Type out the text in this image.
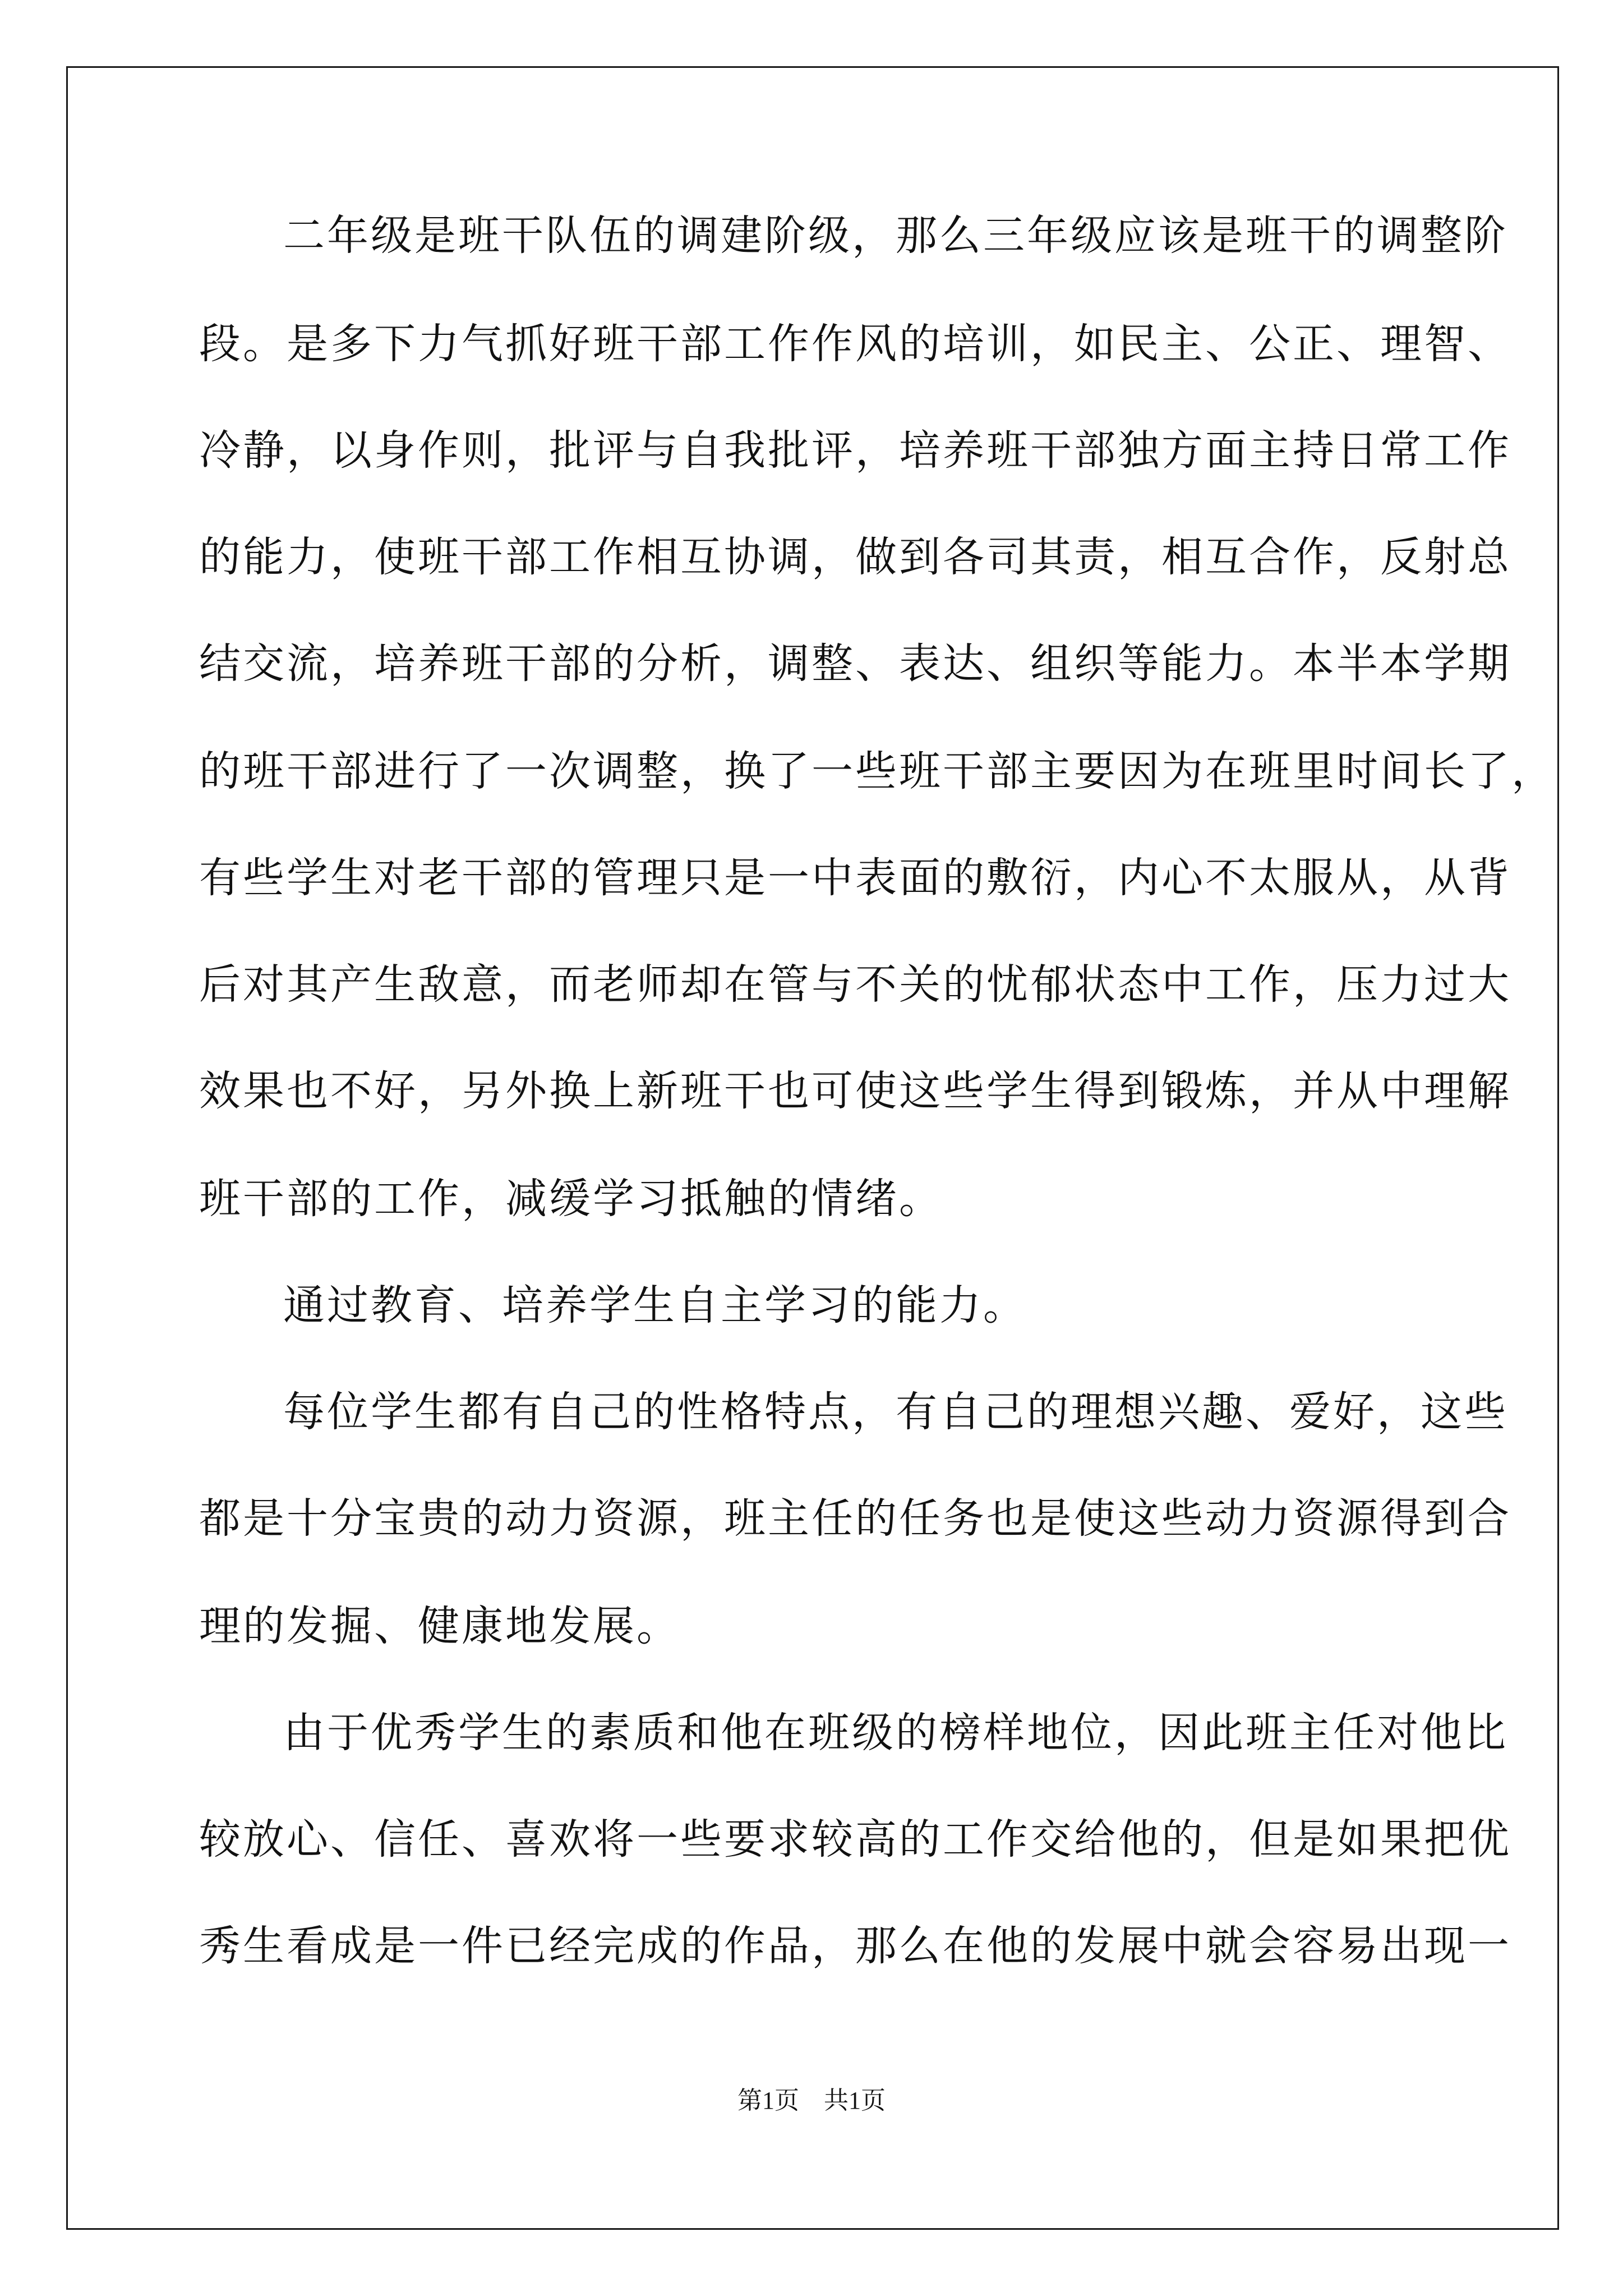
二年级是班干队伍的调建阶级，那么三年级应该是班干的调整阶
段。是多下力气抓好班干部工作作风的培训，如民主、公正、理智、
冷静，以身作则，批评与自我批评，培养班干部独方面主持日常工作
的能力，使班干部工作相互协调，做到各司其责，相互合作，反射总
结交流，培养班干部的分析，调整、表达、组织等能力。本半本学期
的班干部进行了一次调整，换了一些班干部主要因为在班里时间长了，
有些学生对老干部的管理只是一中表面的敷衍，内心不太服从，从背
后对其产生敌意，而老师却在管与不关的忧郁状态中工作，压力过大
效果也不好，另外换上新班干也可使这些学生得到锻炼，并从中理解
班干部的工作，减缓学习抵触的情绪。
通过教育、培养学生自主学习的能力。
每位学生都有自己的性格特点，有自己的理想兴趣、爱好，这些
都是十分宝贵的动力资源，班主任的任务也是使这些动力资源得到合
理的发掘、健康地发展。
由于优秀学生的素质和他在班级的榜样地位，因此班主任对他比
较放心、信任、喜欢将一些要求较高的工作交给他的，但是如果把优
秀生看成是一件已经完成的作品，那么在他的发展中就会容易出现一
第1页　共1页
